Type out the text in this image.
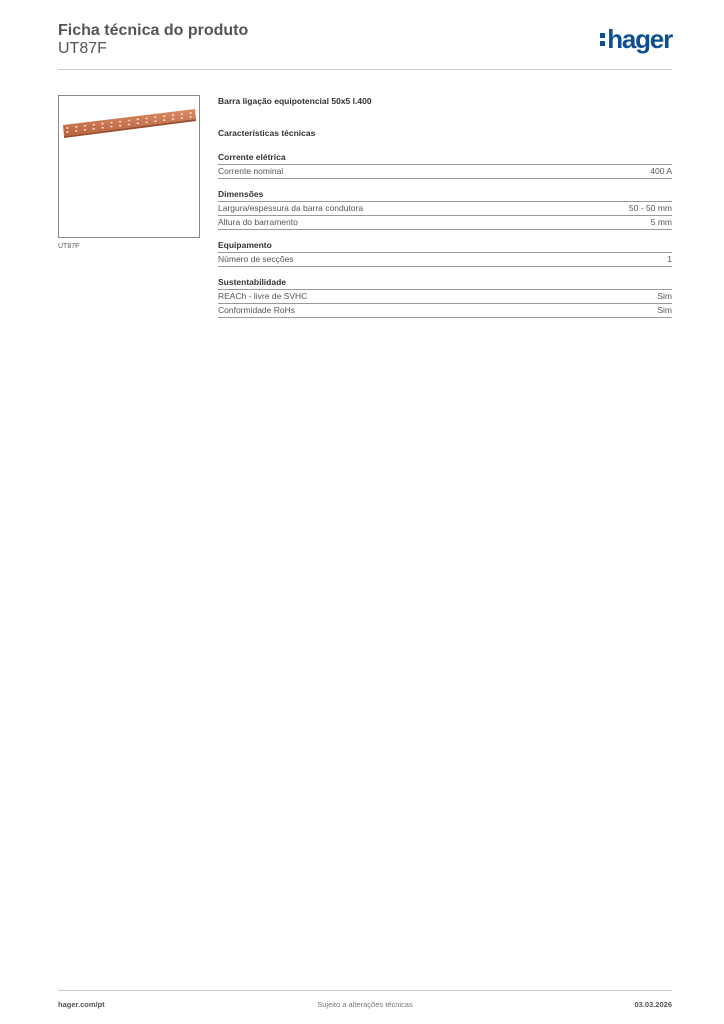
Ficha técnica do produto
UT87F	hager
UT87F
Barra ligação equipotencial 50x5 l.400
Características técnicas
Corrente elétrica
Corrente nominal	400 A
Dimensões
Largura/espessura da barra condutora	50 - 50 mm
Altura do barramento	5 mm
Equipamento
Número de secções	1
Sustentabilidade
REACh - livre de SVHC	Sim
Conformidade RoHs	Sim
hager.com/pt	Sujeito a alterações técnicas	03.03.2026
